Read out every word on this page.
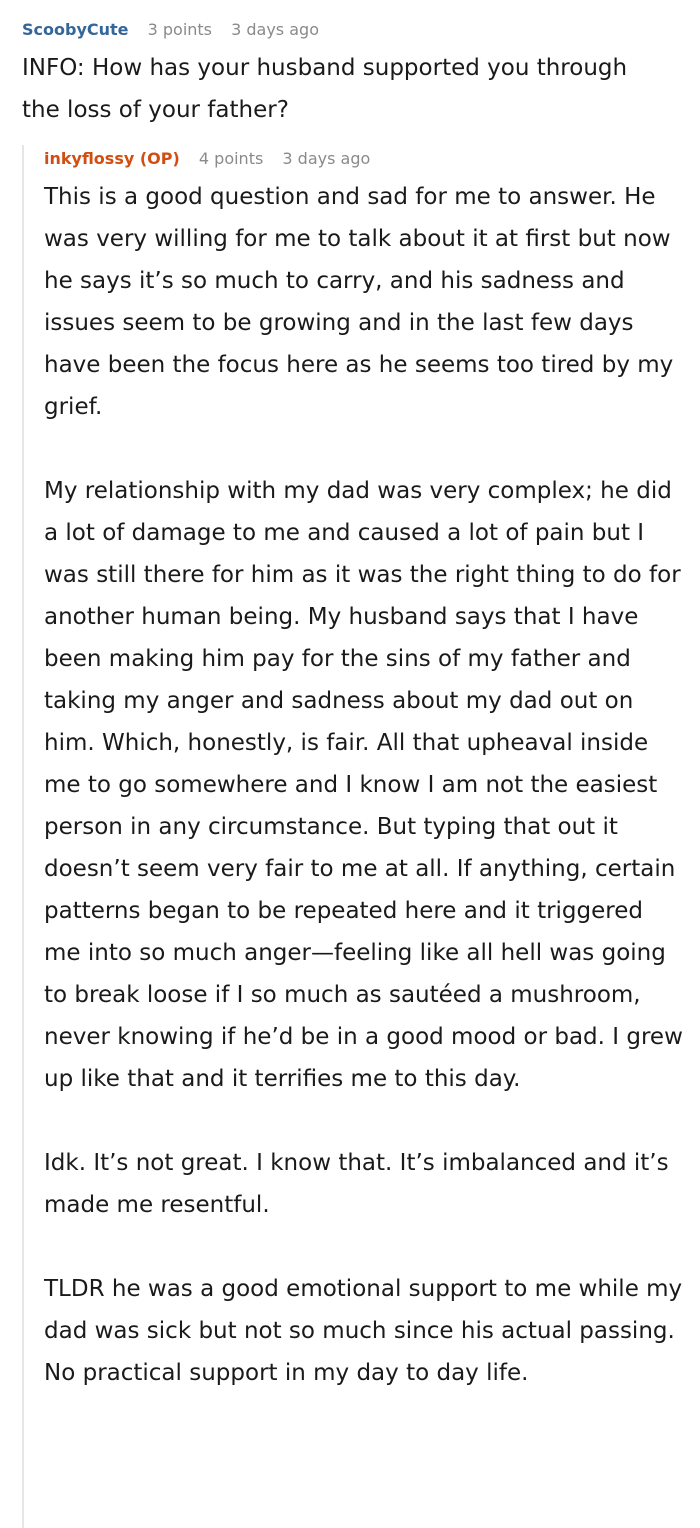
ScoobyCute 3 points 3 days ago
INFO: How has your husband supported you through the loss of your father?
inkyflossy (OP) 4 points 3 days ago

This is a good question and sad for me to answer. He was very willing for me to talk about it at first but now he says it’s so much to carry, and his sadness and issues seem to be growing and in the last few days have been the focus here as he seems too tired by my grief.

My relationship with my dad was very complex; he did a lot of damage to me and caused a lot of pain but I was still there for him as it was the right thing to do for another human being. My husband says that I have been making him pay for the sins of my father and taking my anger and sadness about my dad out on him. Which, honestly, is fair. All that upheaval inside me to go somewhere and I know I am not the easiest person in any circumstance. But typing that out it doesn’t seem very fair to me at all. If anything, certain patterns began to be repeated here and it triggered me into so much anger—feeling like all hell was going to break loose if I so much as sautéed a mushroom, never knowing if he’d be in a good mood or bad. I grew up like that and it terrifies me to this day.

Idk. It’s not great. I know that. It’s imbalanced and it’s made me resentful.

TLDR he was a good emotional support to me while my dad was sick but not so much since his actual passing. No practical support in my day to day life.
